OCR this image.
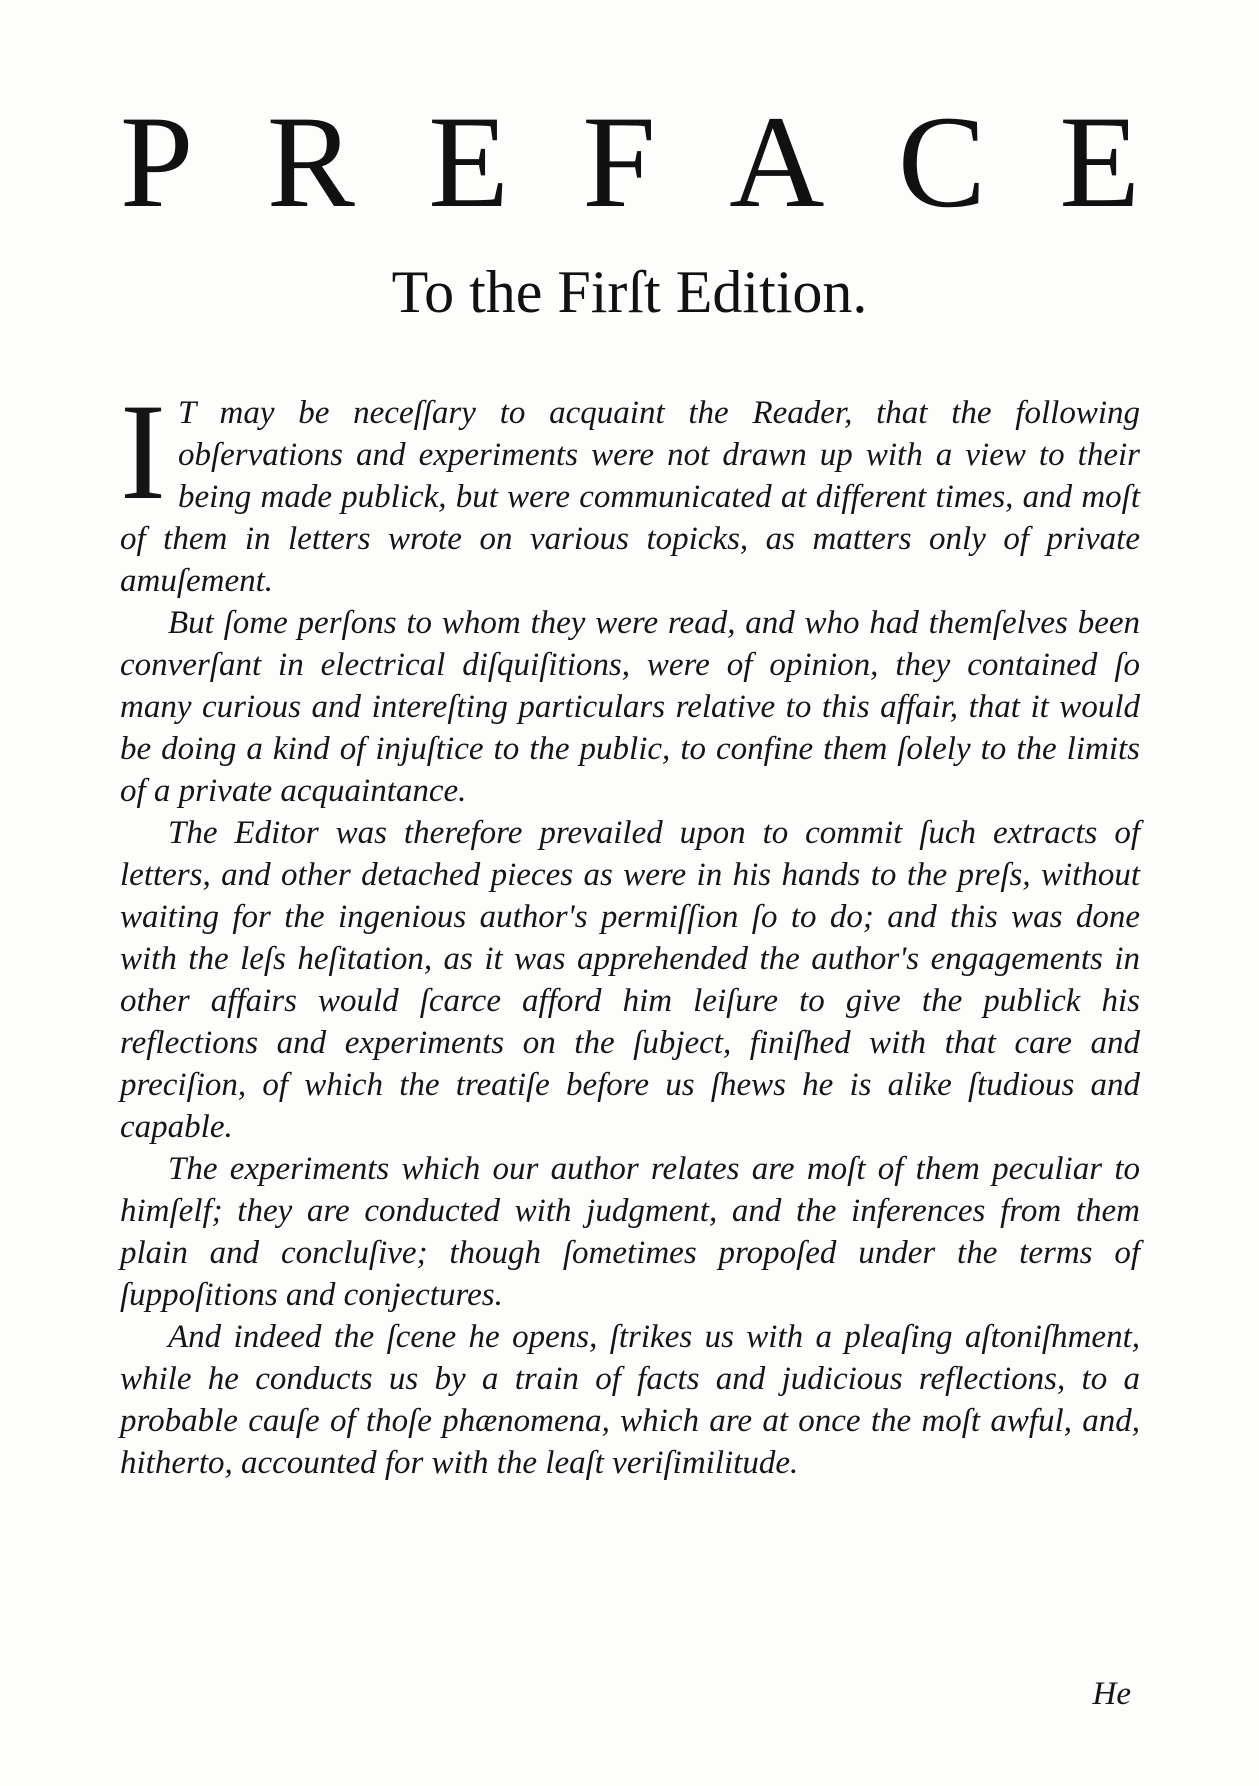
P R E F A C E
To the Firſt Edition.

I T may be neceſſary to acquaint the Reader, that the following obſervations and experiments were not drawn up with a view to their being made publick, but were communicated at different times, and moſt of them in letters wrote on various topicks, as matters only of private amuſement.

But ſome perſons to whom they were read, and who had themſelves been converſant in electrical diſquiſitions, were of opinion, they contained ſo many curious and intereſting particulars relative to this affair, that it would be doing a kind of injuſtice to the public, to confine them ſolely to the limits of a private acquaintance.

The Editor was therefore prevailed upon to commit ſuch extracts of letters, and other detached pieces as were in his hands to the preſs, without waiting for the ingenious author's permiſſion ſo to do; and this was done with the leſs heſitation, as it was apprehended the author's engagements in other affairs would ſcarce afford him leiſure to give the publick his reflections and experiments on the ſubject, finiſhed with that care and preciſion, of which the treatiſe before us ſhews he is alike ſtudious and capable.

The experiments which our author relates are moſt of them peculiar to himſelf; they are conducted with judgment, and the inferences from them plain and concluſive; though ſometimes propoſed under the terms of ſuppoſitions and conjectures.

And indeed the ſcene he opens, ſtrikes us with a pleaſing aſtoniſhment, while he conducts us by a train of facts and judicious reflections, to a probable cauſe of thoſe phænomena, which are at once the moſt awful, and, hitherto, accounted for with the leaſt veriſimilitude.

He
